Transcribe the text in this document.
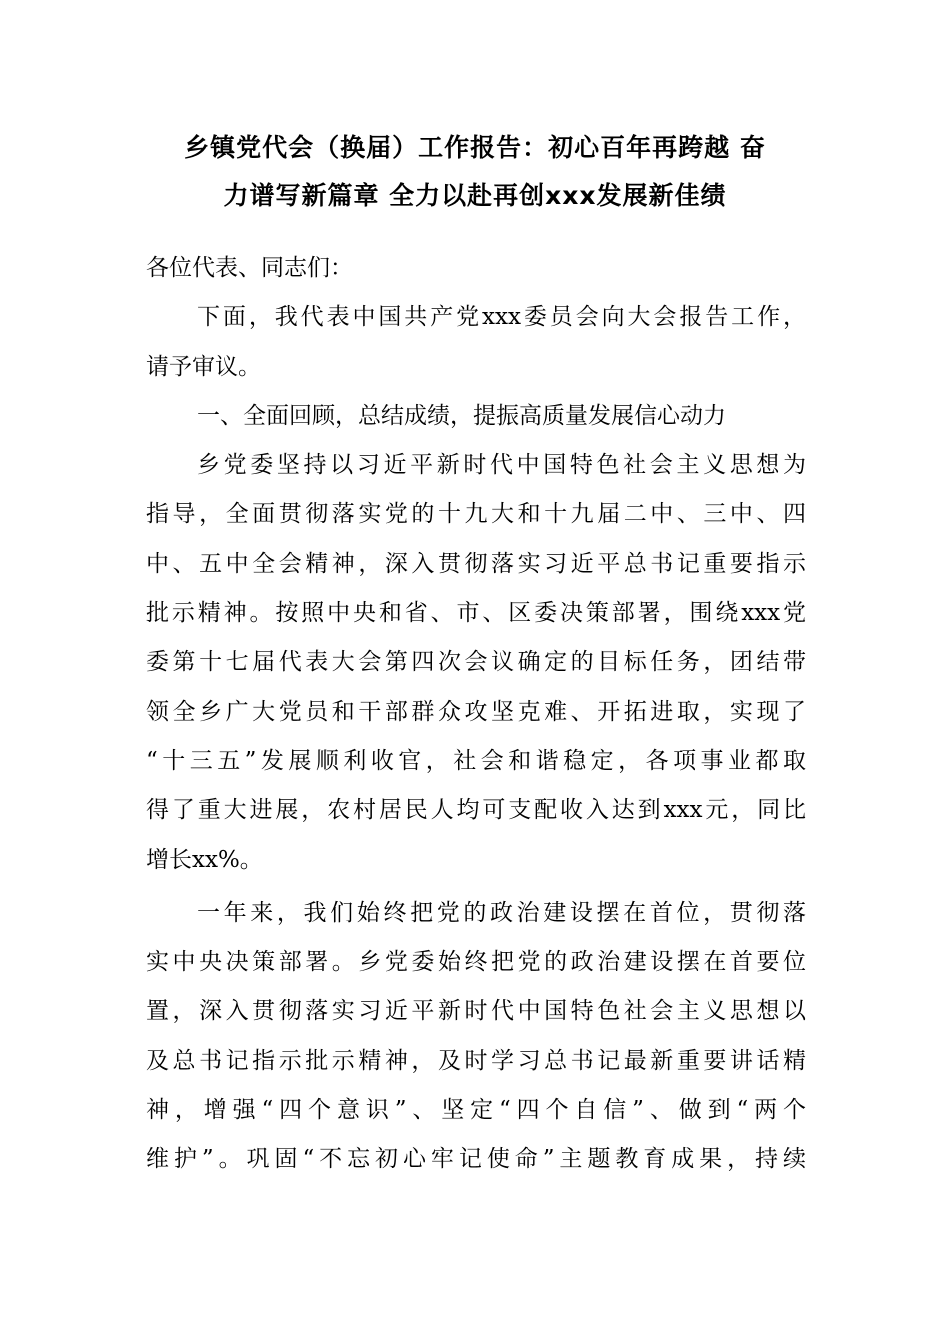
乡镇党代会（换届）工作报告：初心百年再跨越 奋
力谱写新篇章 全力以赴再创xxx发展新佳绩
各位代表、同志们：
下面，我代表中国共产党xxx委员会向大会报告工作，
请予审议。
一、全面回顾，总结成绩，提振高质量发展信心动力
乡党委坚持以习近平新时代中国特色社会主义思想为
指导，全面贯彻落实党的十九大和十九届二中、三中、四
中、五中全会精神，深入贯彻落实习近平总书记重要指示
批示精神。按照中央和省、市、区委决策部署，围绕xxx党
委第十七届代表大会第四次会议确定的目标任务，团结带
领全乡广大党员和干部群众攻坚克难、开拓进取，实现了
“十三五”发展顺利收官，社会和谐稳定，各项事业都取
得了重大进展，农村居民人均可支配收入达到xxx元，同比
增长xx%。
一年来，我们始终把党的政治建设摆在首位，贯彻落
实中央决策部署。乡党委始终把党的政治建设摆在首要位
置，深入贯彻落实习近平新时代中国特色社会主义思想以
及总书记指示批示精神，及时学习总书记最新重要讲话精
神，增强“四个意识”、坚定“四个自信”、做到“两个
维护”。巩固“不忘初心牢记使命”主题教育成果，持续
